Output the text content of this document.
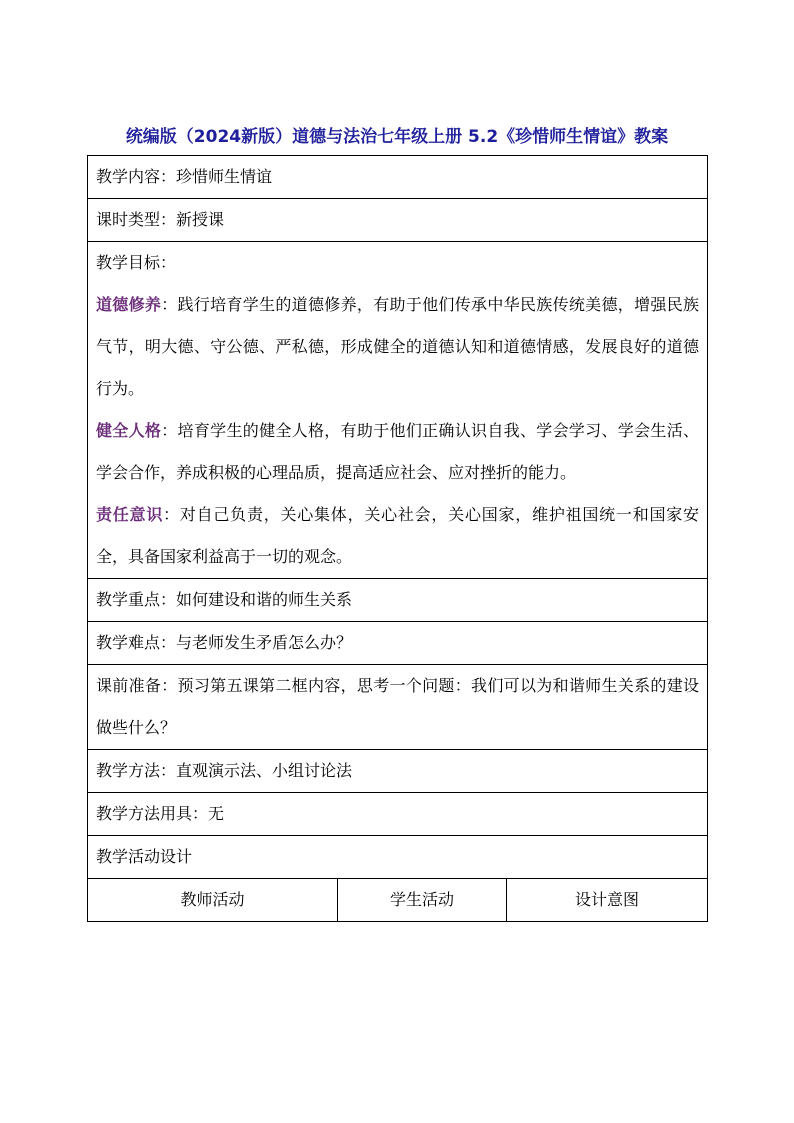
统编版（2024新版）道德与法治七年级上册 5.2《珍惜师生情谊》教案
教学内容：珍惜师生情谊
课时类型：新授课

教学目标：
道德修养：践行培育学生的道德修养，有助于他们传承中华民族传统美德，增强民族气节，明大德、守公德、严私德，形成健全的道德认知和道德情感，发展良好的道德行为。
健全人格：培育学生的健全人格，有助于他们正确认识自我、学会学习、学会生活、学会合作，养成积极的心理品质，提高适应社会、应对挫折的能力。
责任意识：对自己负责，关心集体，关心社会，关心国家，维护祖国统一和国家安全，具备国家利益高于一切的观念。

教学重点：如何建设和谐的师生关系
教学难点：与老师发生矛盾怎么办？
课前准备：预习第五课第二框内容，思考一个问题：我们可以为和谐师生关系的建设做些什么？
教学方法：直观演示法、小组讨论法
教学方法用具：无
教学活动设计
教师活动	学生活动	设计意图
